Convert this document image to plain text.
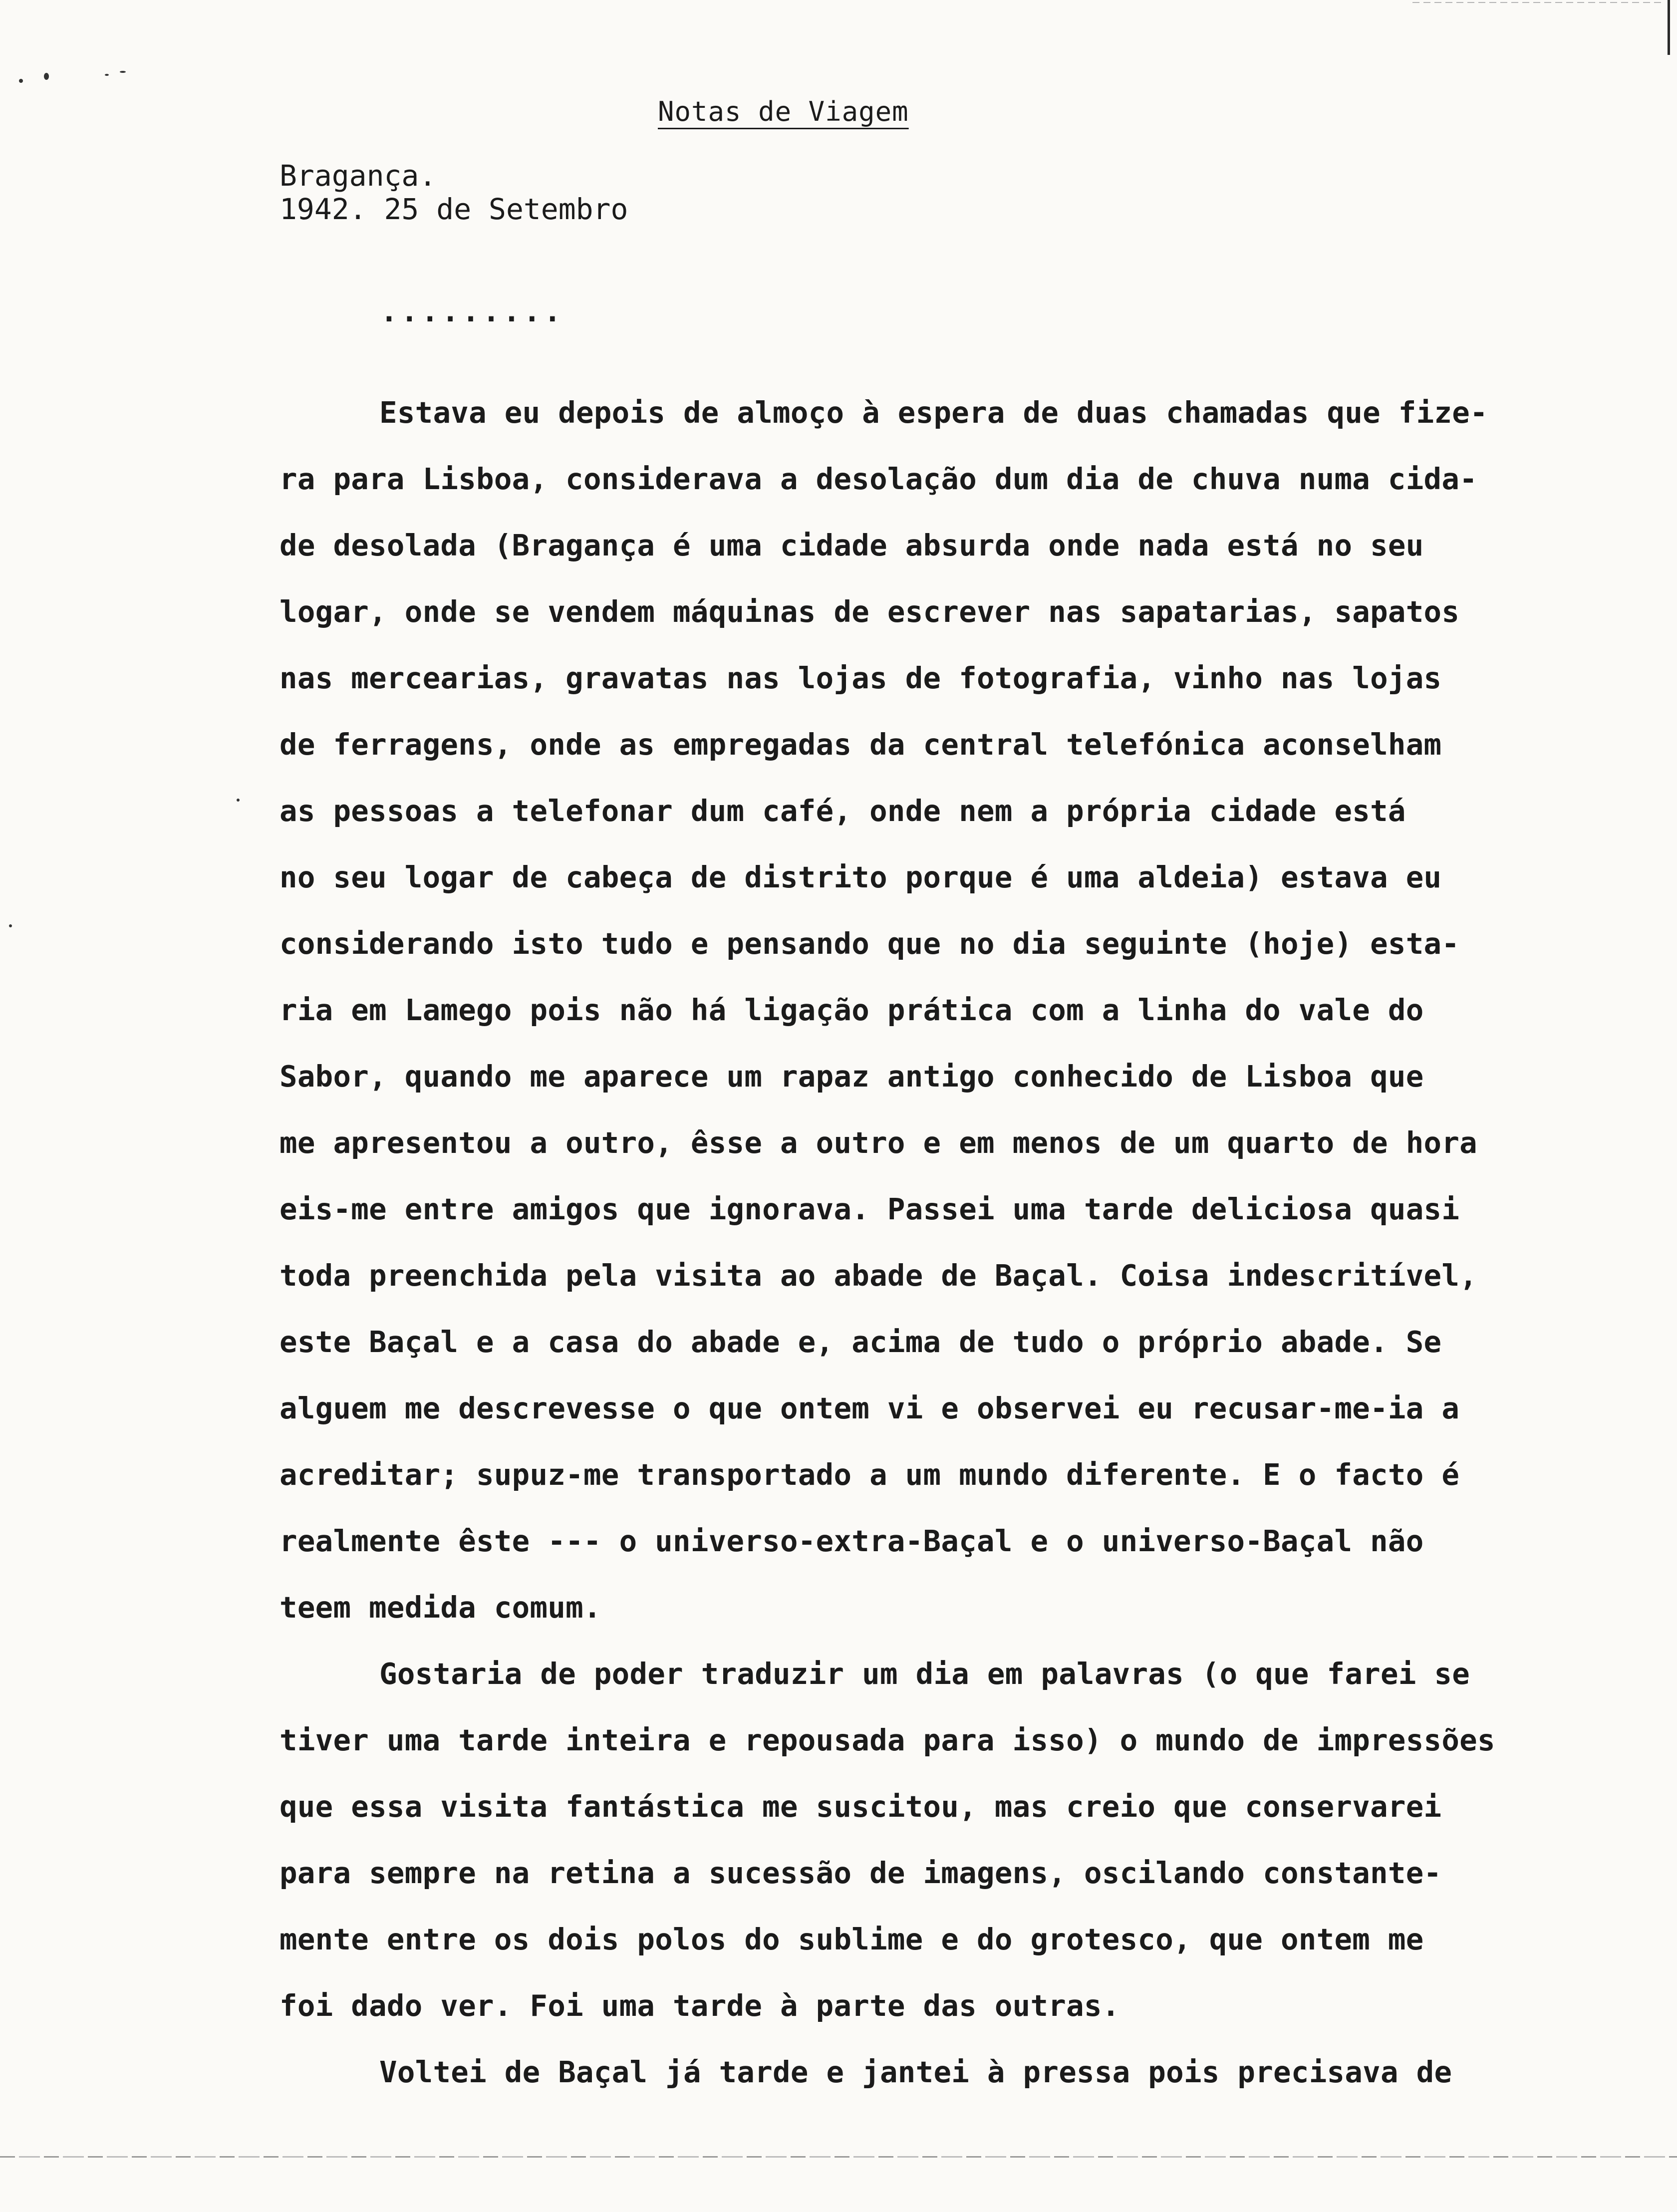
Notas de Viagem
Bragança.
1942. 25 de Setembro
.........
Estava eu depois de almoço à espera de duas chamadas que fize-
ra para Lisboa, considerava a desolação dum dia de chuva numa cida-
de desolada (Bragança é uma cidade absurda onde nada está no seu
logar, onde se vendem máquinas de escrever nas sapatarias, sapatos
nas mercearias, gravatas nas lojas de fotografia, vinho nas lojas
de ferragens, onde as empregadas da central telefónica aconselham
as pessoas a telefonar dum café, onde nem a própria cidade está
no seu logar de cabeça de distrito porque é uma aldeia) estava eu
considerando isto tudo e pensando que no dia seguinte (hoje) esta-
ria em Lamego pois não há ligação prática com a linha do vale do
Sabor, quando me aparece um rapaz antigo conhecido de Lisboa que
me apresentou a outro, êsse a outro e em menos de um quarto de hora
eis-me entre amigos que ignorava. Passei uma tarde deliciosa quasi
toda preenchida pela visita ao abade de Baçal. Coisa indescritível,
este Baçal e a casa do abade e, acima de tudo o próprio abade. Se
alguem me descrevesse o que ontem vi e observei eu recusar-me-ia a
acreditar; supuz-me transportado a um mundo diferente. E o facto é
realmente êste --- o universo-extra-Baçal e o universo-Baçal não
teem medida comum.
Gostaria de poder traduzir um dia em palavras (o que farei se
tiver uma tarde inteira e repousada para isso) o mundo de impressões
que essa visita fantástica me suscitou, mas creio que conservarei
para sempre na retina a sucessão de imagens, oscilando constante-
mente entre os dois polos do sublime e do grotesco, que ontem me
foi dado ver. Foi uma tarde à parte das outras.
Voltei de Baçal já tarde e jantei à pressa pois precisava de
